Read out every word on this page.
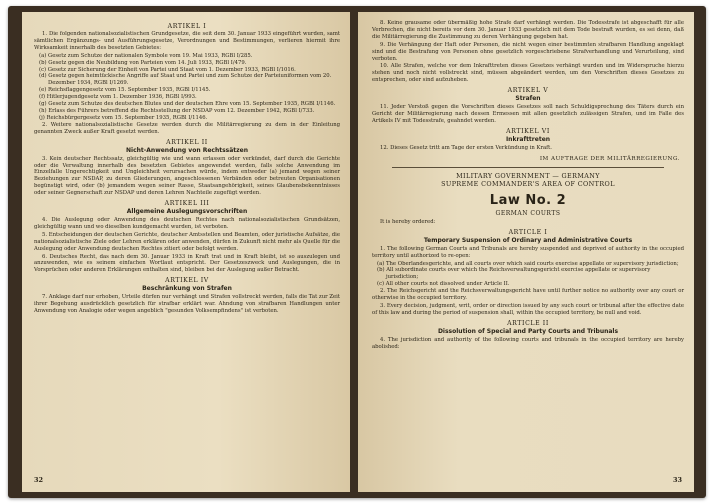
ARTIKEL I

1. Die folgenden nationalsozialistischen Grundgesetze, die seit dem 30. Januar 1933 eingeführt wurden, samt sämtlichen Ergänzungs- und Ausführungsgesetze, Verordnungen und Bestimmungen, verlieren hiermit ihre Wirksamkeit innerhalb des besetzten Gebietes:

(a) Gesetz zum Schutze der nationalen Symbole vom 19. Mai 1933, RGBl I/285.

(b) Gesetz gegen die Neubildung von Parteien vom 14. Juli 1933, RGBl I/479.

(c) Gesetz zur Sicherung der Einheit von Partei und Staat vom 1. Dezember 1933, RGBl I/1016.

(d) Gesetz gegen heimtückische Angriffe auf Staat und Partei und zum Schutze der Parteiuniformen vom 20. Dezember 1934, RGBl I/1269.

(e) Reichsflaggengesetz vom 15. September 1935, RGBl I/1145.

(f) Hitlerjugendgesetz vom 1. Dezember 1936, RGBl I/993.

(g) Gesetz zum Schutze des deutschen Blutes und der deutschen Ehre vom 15. September 1935, RGBl I/1146.

(h) Erlass des Führers betreffend die Rechtsstellung der NSDAP vom 12. Dezember 1942, RGBl I/733.

(j) Reichsbürgergesetz vom 15. September 1935, RGBl I/1146.

2. Weitere nationalsozialistische Gesetze werden durch die Militärregierung zu dem in der Einleitung genannten Zweck außer Kraft gesetzt werden.

ARTIKEL II

Nicht-Anwendung von Rechtssätzen

3. Kein deutscher Rechtssatz, gleichgültig wie und wann erlassen oder verkündet, darf durch die Gerichte oder die Verwaltung innerhalb des besetzten Gebietes angewendet werden, falls solche Anwendung im Einzelfalle Ungerechtigkeit und Ungleichheit verursachen würde, indem entweder (a) jemand wegen seiner Beziehungen zur NSDAP, zu deren Gliederungen, angeschlossenen Verbänden oder betreuten Organisationen begünstigt wird, oder (b) jemandem wegen seiner Rasse, Staatsangehörigkeit, seines Glaubensbekenntnisses oder seiner Gegnerschaft zur NSDAP und deren Lehren Nachteile zugefügt werden.

ARTIKEL III

Allgemeine Auslegungsvorschriften

4. Die Auslegung oder Anwendung des deutschen Rechtes nach nationalsozialistischen Grundsätzen, gleichgültig wann und wo dieselben kundgemacht wurden, ist verboten.

5. Entscheidungen der deutschen Gerichte, deutscher Amtsstellen und Beamten, oder juristische Aufsätze, die nationalsozialistische Ziele oder Lehren erklären oder anwenden, dürfen in Zukunft nicht mehr als Quelle für die Auslegung oder Anwendung deutschen Rechtes zitiert oder befolgt werden.

6. Deutsches Recht, das nach dem 30. Januar 1933 in Kraft trat und in Kraft bleibt, ist so auszulegen und anzuwenden, wie es seinem einfachen Wortlaut entspricht. Der Gesetzeszweck und Auslegungen, die in Vorsprüchen oder anderen Erklärungen enthalten sind, bleiben bei der Auslegung außer Betracht.

ARTIKEL IV

Beschränkung von Strafen

7. Anklage darf nur erhoben, Urteile dürfen nur verhängt und Strafen vollstreckt werden, falls die Tat zur Zeit ihrer Begehung ausdrücklich gesetzlich für strafbar erklärt war. Ahndung von strafbaren Handlungen unter Anwendung von Analogie oder wegen angeblich "gesunden Volksempfindens" ist verboten.

32

8. Keine grausame oder übermäßig hohe Strafe darf verhängt werden. Die Todesstrafe ist abgeschafft für alle Verbrechen, die nicht bereits vor dem 30. Januar 1933 gesetzlich mit dem Tode bestraft wurden, es sei denn, daß die Militärregierung die Zustimmung zu deren Verhängung gegeben hat.

9. Die Verhängung der Haft oder Personen, die nicht wegen einer bestimmten strafbaren Handlung angeklagt sind und die Bestrafung von Personen ohne gesetzlich vorgeschriebene Strafverhandlung und Verurteilung, sind verboten.

10. Alle Strafen, welche vor dem Inkrafttreten dieses Gesetzes verhängt wurden und im Widerspruche hierzu stehen und noch nicht vollstreckt sind, müssen abgeändert werden, um den Vorschriften dieses Gesetzes zu entsprechen, oder sind aufzuheben.

ARTIKEL V

Strafen

11. Jeder Verstoß gegen die Vorschriften dieses Gesetzes soll nach Schuldigsprechung des Täters durch ein Gericht der Militärregierung nach dessen Ermessen mit allen gesetzlich zulässigen Strafen, und im Falle des Artikels IV mit Todesstrafe, geahndet werden.

ARTIKEL VI

Inkrafttreten

12. Dieses Gesetz tritt am Tage der ersten Verkündung in Kraft.

IM AUFTRAGE DER MILITÄRREGIERUNG.

MILITARY GOVERNMENT — GERMANY

SUPREME COMMANDER'S AREA OF CONTROL

Law No. 2

GERMAN COURTS

It is hereby ordered:

ARTICLE I

Temporary Suspension of Ordinary and Administrative Courts

1. The following German Courts and Tribunals are hereby suspended and deprived of authority in the occupied territory until authorized to re-open:

(a) The Oberlandesgerichte, and all courts over which said courts exercise appellate or supervisory jurisdiction;

(b) All subordinate courts over which the Reichsverwaltungsgericht exercise appellate or supervisory jurisdiction;

(c) All other courts not dissolved under Article II.

2. The Reichsgericht and the Reichsverwaltungsgericht have until further notice no authority over any court or otherwise in the occupied territory.

3. Every decision, judgment, writ, order or direction issued by any such court or tribunal after the effective date of this law and during the period of suspension shall, within the occupied territory, be null and void.

ARTICLE II

Dissolution of Special and Party Courts and Tribunals

4. The jurisdiction and authority of the following courts and tribunals in the occupied territory are hereby abolished:

33
